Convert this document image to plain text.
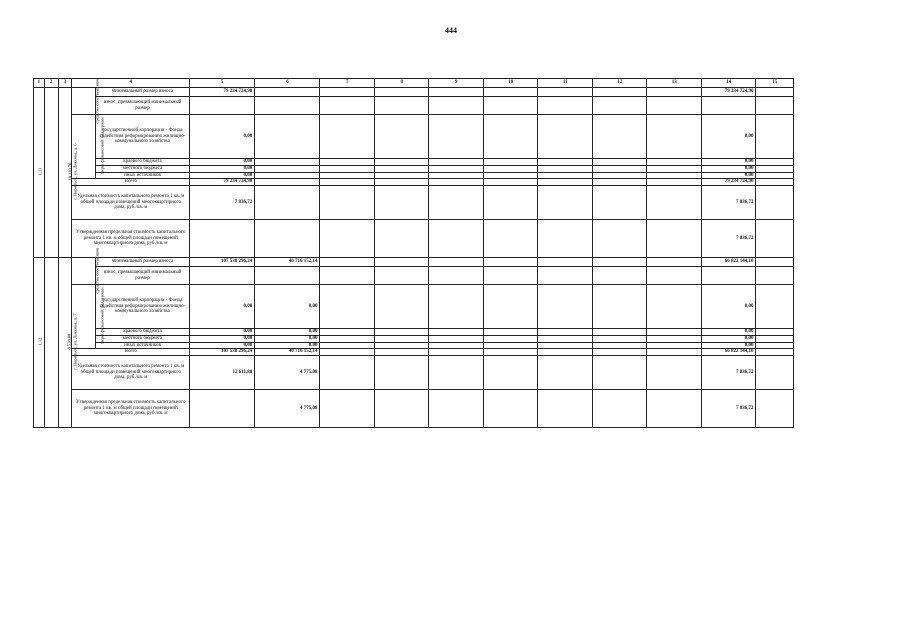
444
1	2	3	4		5	6	7	8	9	10	11	12	13	14	15
1.11	г. Норильск, ул. Диксона, д. 6	10 110,70	средства собственников	минимальный размер взноса	79 234 724,90									79 234 724,90	
				взнос, превышающий минимальный размер											
			меры финансовой поддержки	государственной корпорации - Фонда содействия реформированию жилищно-коммунального хозяйства	0,00									0,00	
				краевого бюджета	0,00									0,00	
				местного бюджета	0,00									0,00	
				иных источников	0,00									0,00	
			Всего		79 234 724,90									79 234 724,90	
			Удельная стоимость капитального ремонта 1 кв. м общей площади помещений многоквартирного дома, руб./кв. м		7 836,72									7 836,72	
			Утвержденная предельная стоимость капитального ремонта 1 кв. м общей площади помещений многоквартирного дома, руб./кв. м											7 836,72	
1.12	г. Норильск, ул. Диксона, д. 7	8 528,80	средства собственников	минимальный размер взноса	107 538 296,24	40 716 152,14								66 822 144,10	
				взнос, превышающий минимальный размер											
			меры финансовой поддержки	государственной корпорации - Фонда содействия реформированию жилищно-коммунального хозяйства	0,00	0,00								0,00	
				краевого бюджета	0,00	0,00								0,00	
				местного бюджета	0,00	0,00								0,00	
				иных источников	0,00	0,00								0,00	
			Всего		107 538 296,24	40 716 152,14								66 822 144,10	
			Удельная стоимость капитального ремонта 1 кв. м общей площади помещений многоквартирного дома, руб./кв. м		12 611,80	4 775,08								7 836,72	
			Утвержденная предельная стоимость капитального ремонта 1 кв. м общей площади помещений многоквартирного дома, руб./кв. м			4 775,08								7 836,72	
